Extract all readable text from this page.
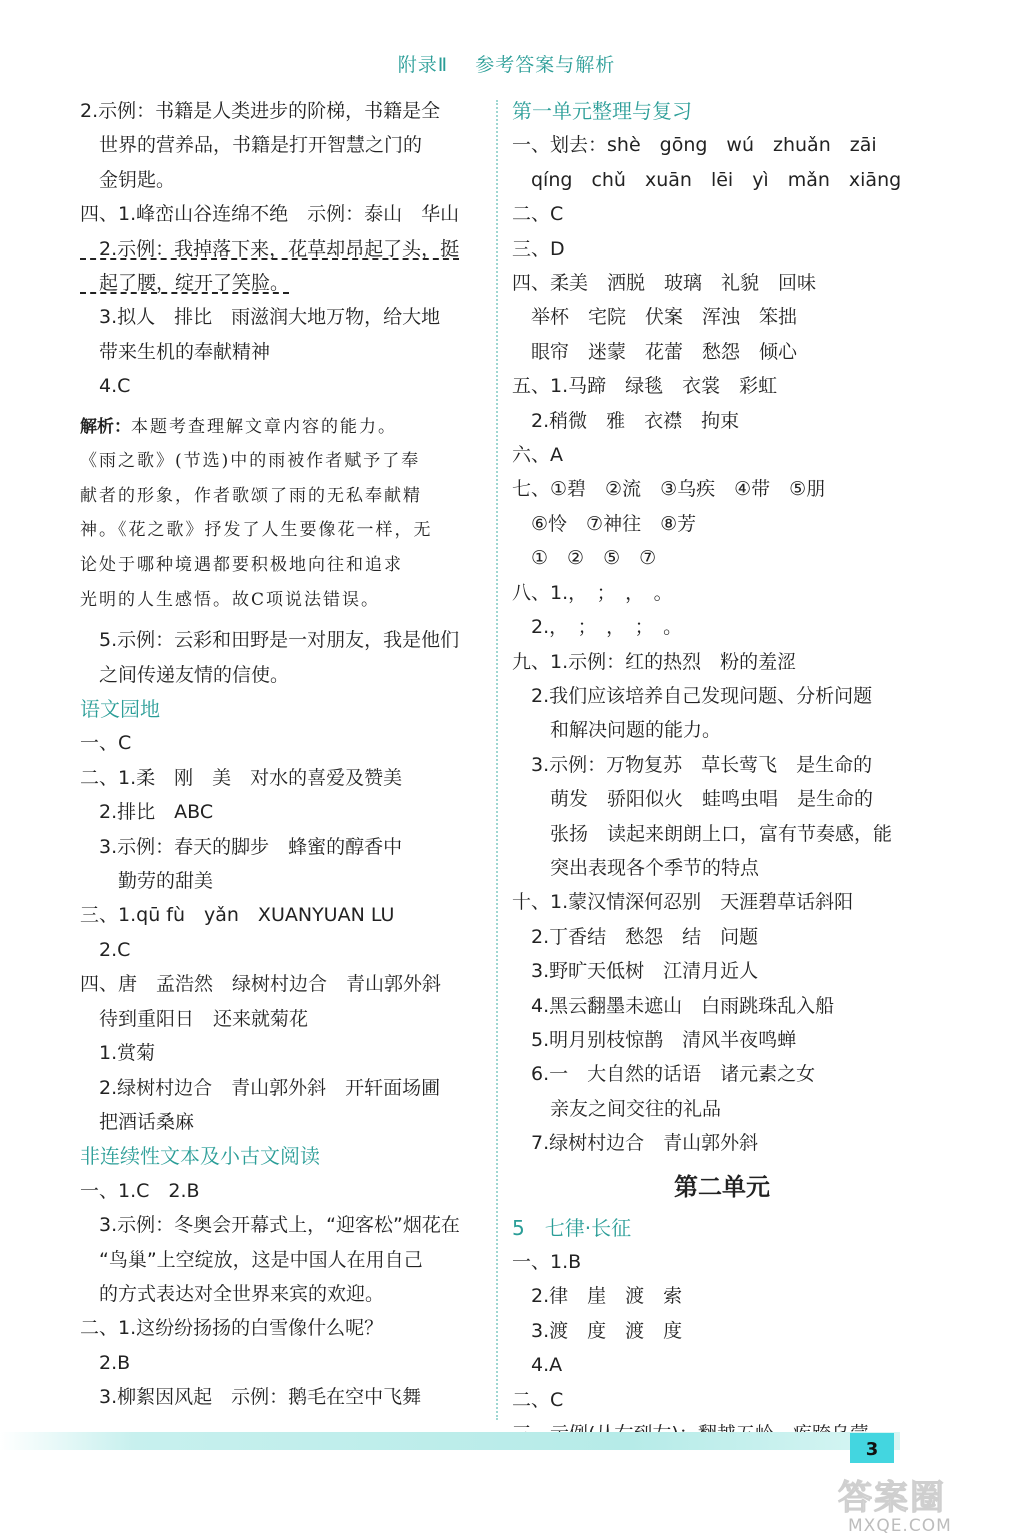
附录Ⅱ 参考答案与解析
2.示例：书籍是人类进步的阶梯，书籍是全
　世界的营养品，书籍是打开智慧之门的
　金钥匙。
四、1.峰峦山谷连绵不绝　示例：泰山　华山
　2.示例：我掉落下来，花草却昂起了头，挺
　起了腰，绽开了笑脸。
　3.拟人　排比　雨滋润大地万物，给大地
　带来生机的奉献精神
　4.C
解析：本题考查理解文章内容的能力。
《雨之歌》(节选)中的雨被作者赋予了奉
献者的形象，作者歌颂了雨的无私奉献精
神。《花之歌》抒发了人生要像花一样，无
论处于哪种境遇都要积极地向往和追求
光明的人生感悟。故C项说法错误。
　5.示例：云彩和田野是一对朋友，我是他们
　之间传递友情的信使。
语文园地
一、C
二、1.柔　刚　美　对水的喜爱及赞美
　2.排比　ABC
　3.示例：春天的脚步　蜂蜜的醇香中
　　勤劳的甜美
三、1.qū fù　yǎn　XUANYUAN LU
　2.C
四、唐　孟浩然　绿树村边合　青山郭外斜
　待到重阳日　还来就菊花
　1.赏菊
　2.绿树村边合　青山郭外斜　开轩面场圃
　把酒话桑麻
非连续性文本及小古文阅读
一、1.C　2.B
　3.示例：冬奥会开幕式上，“迎客松”烟花在
　“鸟巢”上空绽放，这是中国人在用自己
　的方式表达对全世界来宾的欢迎。
二、1.这纷纷扬扬的白雪像什么呢？
　2.B
　3.柳絮因风起　示例：鹅毛在空中飞舞
第一单元整理与复习
一、划去：shè　gōng　wú　zhuǎn　zāi
　qíng　chǔ　xuān　lēi　yì　mǎn　xiāng
二、C
三、D
四、柔美　洒脱　玻璃　礼貌　回味
　举杯　宅院　伏案　浑浊　笨拙
　眼帘　迷蒙　花蕾　愁怨　倾心
五、1.马蹄　绿毯　衣裳　彩虹
　2.稍微　雅　衣襟　拘束
六、A
七、①碧　②流　③乌疾　④带　⑤朋
　⑥怜　⑦神往　⑧芳
　①　②　⑤　⑦
八、1.，　；　，　。
　2.，　；　，　；　。
九、1.示例：红的热烈　粉的羞涩
　2.我们应该培养自己发现问题、分析问题
　　和解决问题的能力。
　3.示例：万物复苏　草长莺飞　是生命的
　　萌发　骄阳似火　蛙鸣虫唱　是生命的
　　张扬　读起来朗朗上口，富有节奏感，能
　　突出表现各个季节的特点
十、1.蒙汉情深何忍别　天涯碧草话斜阳
　2.丁香结　愁怨　结　问题
　3.野旷天低树　江清月近人
　4.黑云翻墨未遮山　白雨跳珠乱入船
　5.明月别枝惊鹊　清风半夜鸣蝉
　6.一　大自然的话语　诸元素之女
　　亲友之间交往的礼品
　7.绿树村边合　青山郭外斜
第二单元
5　七律·长征
一、1.B
　2.律　崖　渡　索
　3.渡　度　渡　度
　4.A
二、C
3
答案圈
MXQE.COM
